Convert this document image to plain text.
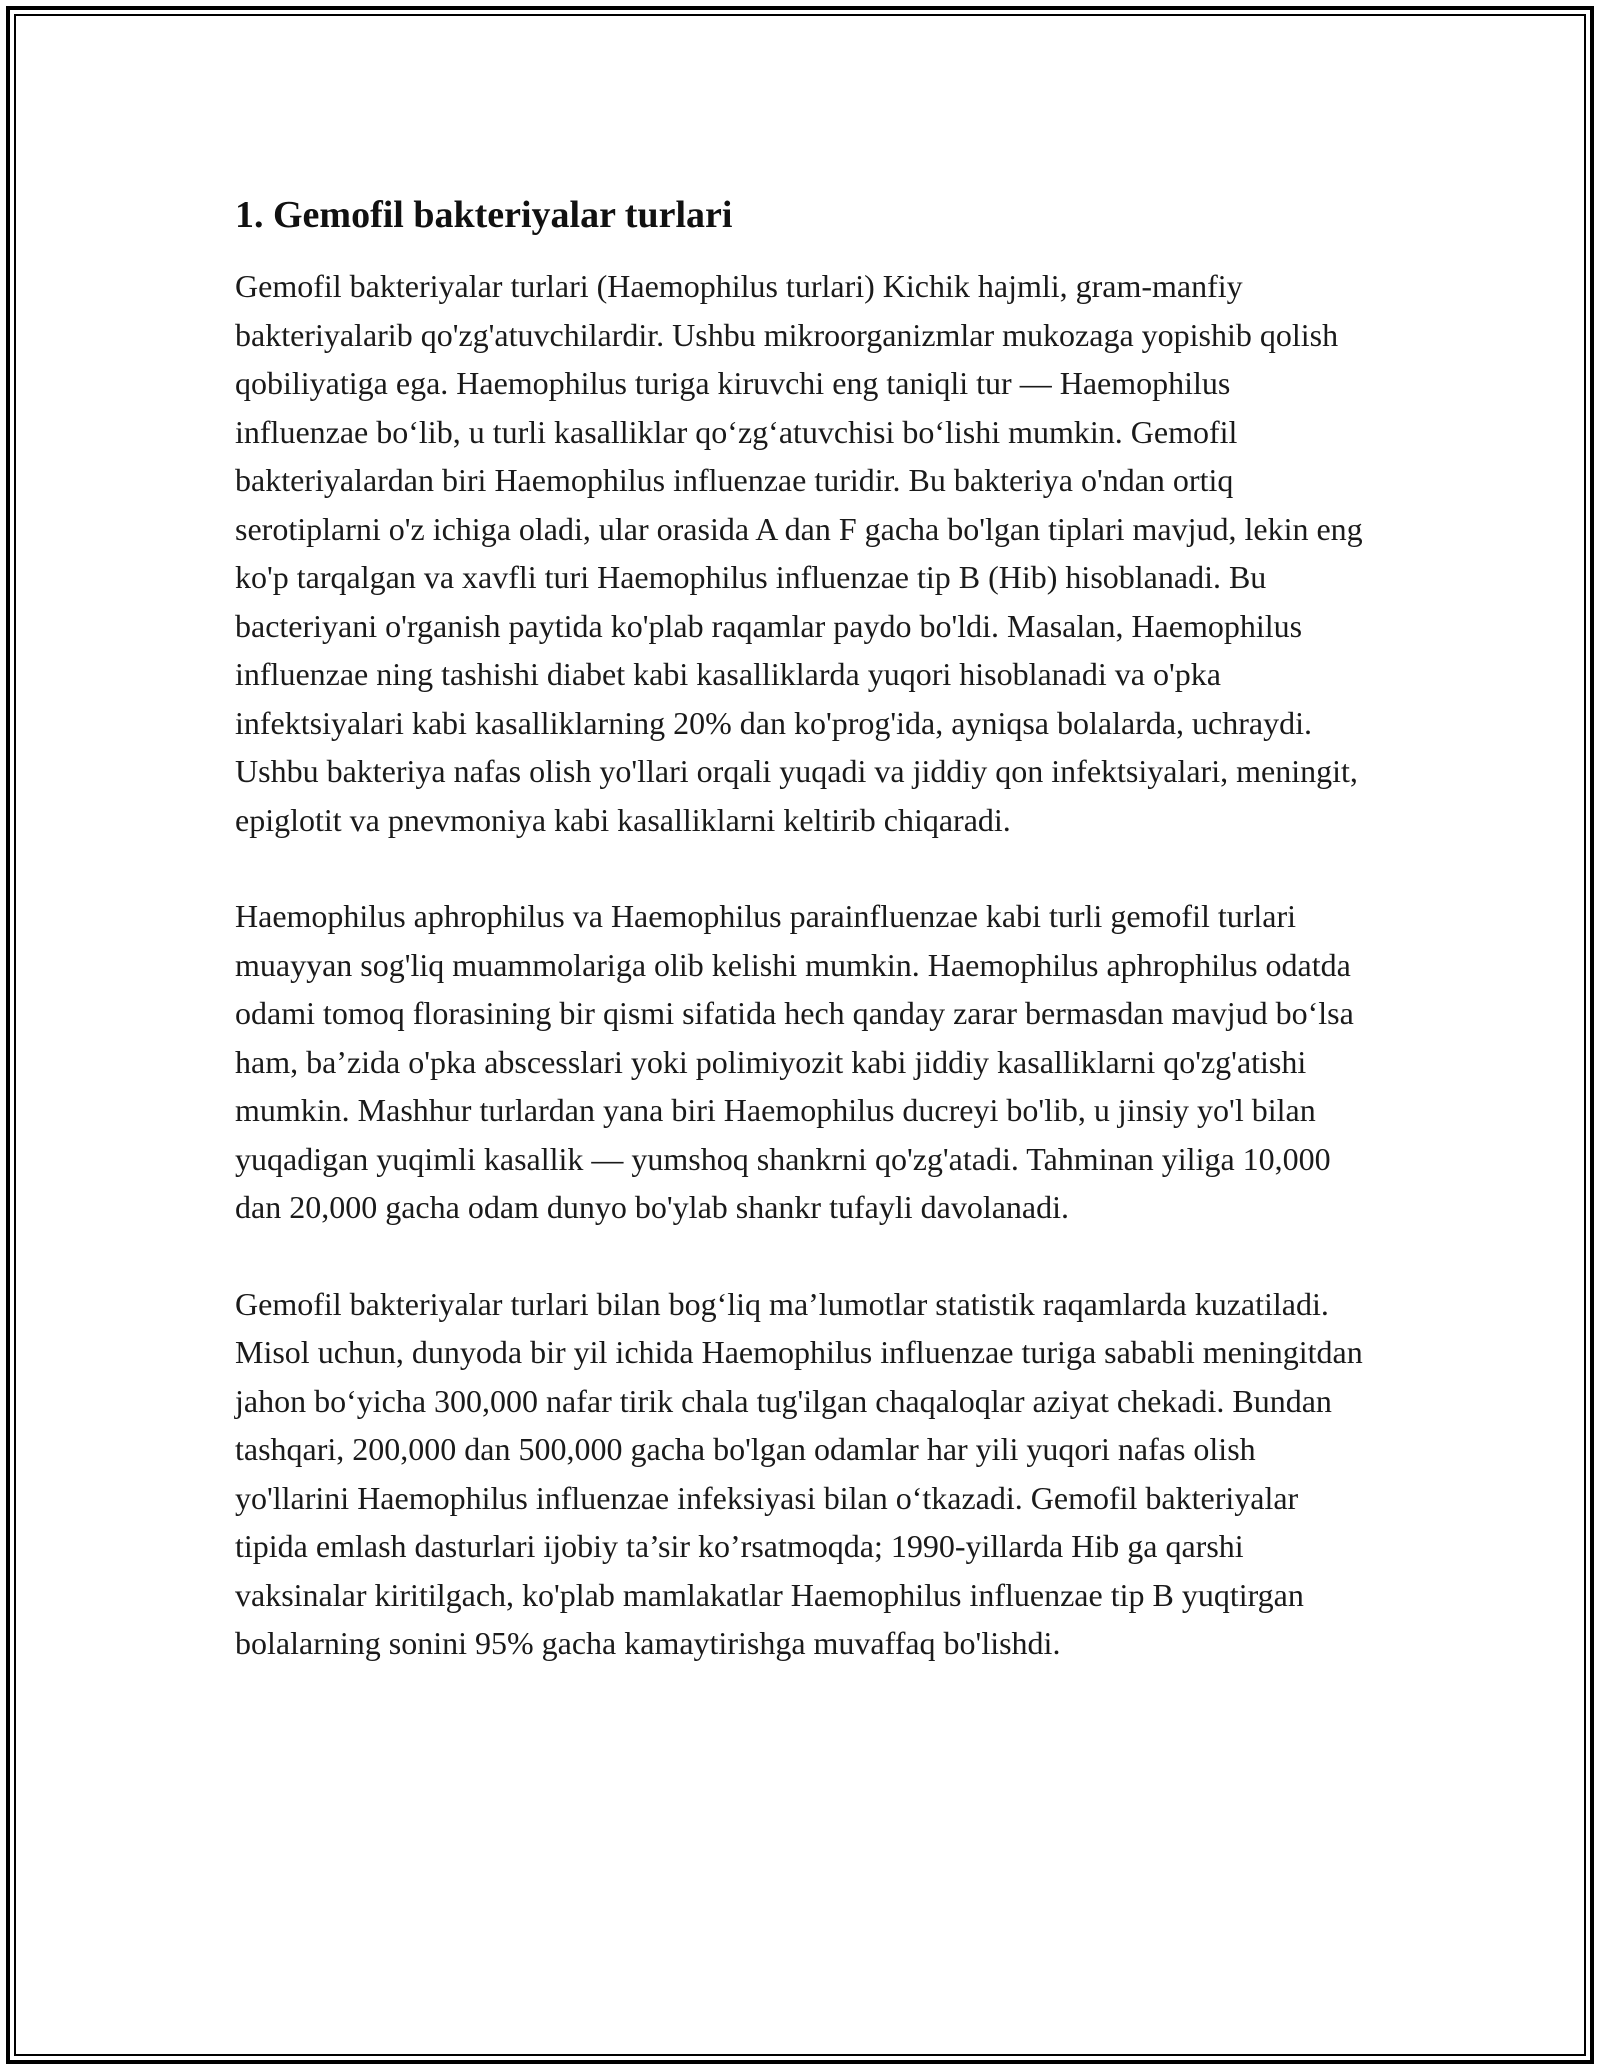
1. Gemofil bakteriyalar turlari

Gemofil bakteriyalar turlari (Haemophilus turlari) Kichik hajmli, gram-manfiy bakteriyalarib qo'zg'atuvchilardir. Ushbu mikroorganizmlar mukozaga yopishib qolish qobiliyatiga ega. Haemophilus turiga kiruvchi eng taniqli tur — Haemophilus influenzae bo‘lib, u turli kasalliklar qo‘zg‘atuvchisi bo‘lishi mumkin. Gemofil bakteriyalardan biri Haemophilus influenzae turidir. Bu bakteriya o'ndan ortiq serotiplarni o'z ichiga oladi, ular orasida A dan F gacha bo'lgan tiplari mavjud, lekin eng ko'p tarqalgan va xavfli turi Haemophilus influenzae tip B (Hib) hisoblanadi. Bu bacteriyani o'rganish paytida ko'plab raqamlar paydo bo'ldi. Masalan, Haemophilus influenzae ning tashishi diabet kabi kasalliklarda yuqori hisoblanadi va o'pka infektsiyalari kabi kasalliklarning 20% dan ko'prog'ida, ayniqsa bolalarda, uchraydi. Ushbu bakteriya nafas olish yo'llari orqali yuqadi va jiddiy qon infektsiyalari, meningit, epiglotit va pnevmoniya kabi kasalliklarni keltirib chiqaradi.

Haemophilus aphrophilus va Haemophilus parainfluenzae kabi turli gemofil turlari muayyan sog'liq muammolariga olib kelishi mumkin. Haemophilus aphrophilus odatda odami tomoq florasining bir qismi sifatida hech qanday zarar bermasdan mavjud bo‘lsa ham, ba’zida o'pka abscesslari yoki polimiyozit kabi jiddiy kasalliklarni qo'zg'atishi mumkin. Mashhur turlardan yana biri Haemophilus ducreyi bo'lib, u jinsiy yo'l bilan yuqadigan yuqimli kasallik — yumshoq shankrni qo'zg'atadi. Tahminan yiliga 10,000 dan 20,000 gacha odam dunyo bo'ylab shankr tufayli davolanadi.

Gemofil bakteriyalar turlari bilan bog‘liq ma’lumotlar statistik raqamlarda kuzatiladi. Misol uchun, dunyoda bir yil ichida Haemophilus influenzae turiga sababli meningitdan jahon bo‘yicha 300,000 nafar tirik chala tug'ilgan chaqaloqlar aziyat chekadi. Bundan tashqari, 200,000 dan 500,000 gacha bo'lgan odamlar har yili yuqori nafas olish yo'llarini Haemophilus influenzae infeksiyasi bilan o‘tkazadi. Gemofil bakteriyalar tipida emlash dasturlari ijobiy ta’sir ko’rsatmoqda; 1990-yillarda Hib ga qarshi vaksinalar kiritilgach, ko'plab mamlakatlar Haemophilus influenzae tip B yuqtirgan bolalarning sonini 95% gacha kamaytirishga muvaffaq bo'lishdi.
